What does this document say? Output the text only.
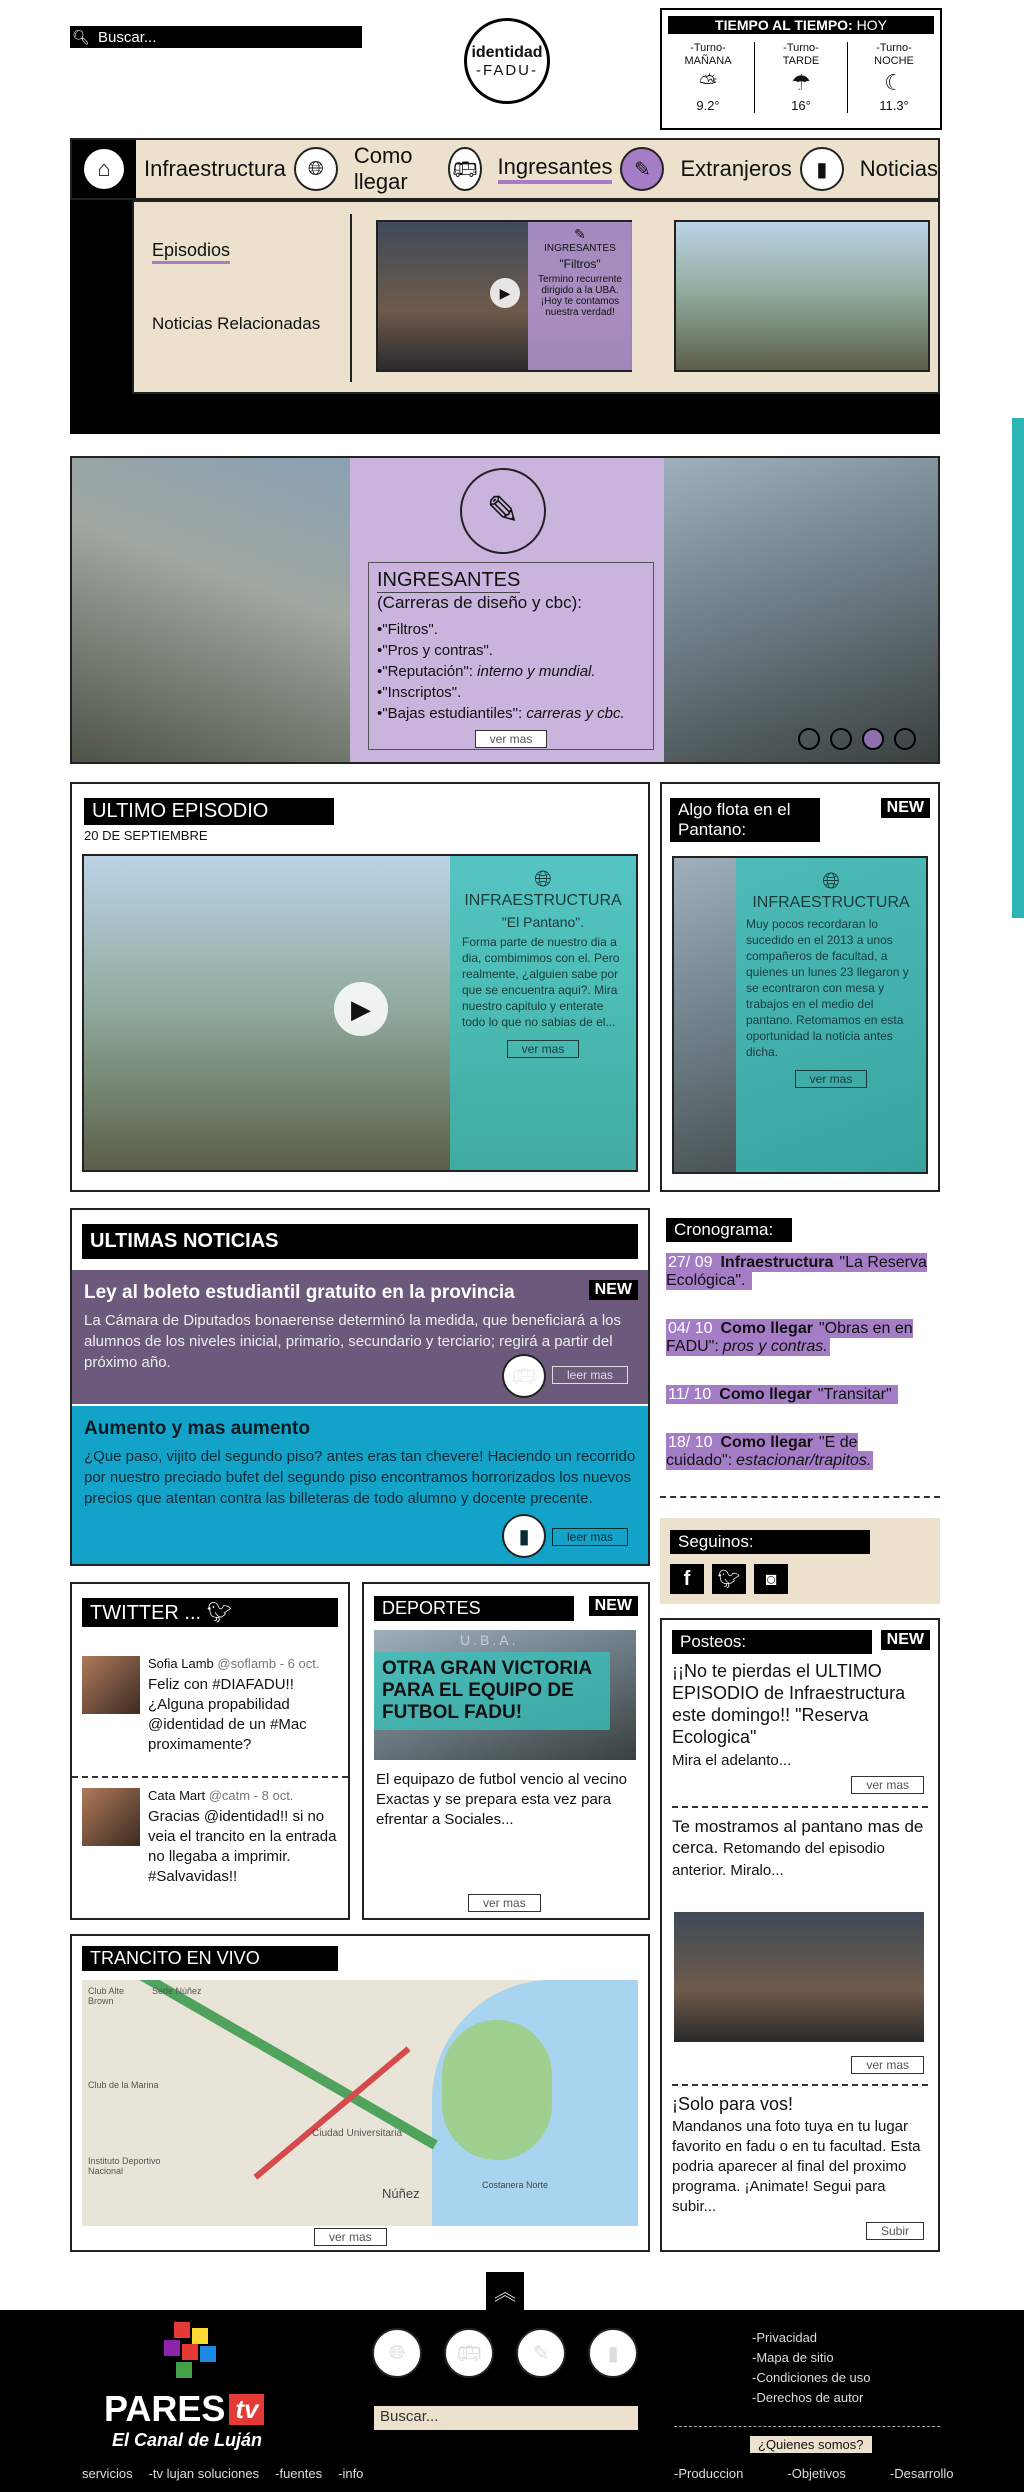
🔍︎ Buscar...
identidad
-FADU-
TIEMPO AL TIEMPO: HOY
-Turno-
MAÑANA
⛅︎
9.2°
-Turno-
TARDE
☂
16°
-Turno-
NOCHE
☾
11.3°
⌂	Infraestructura	🌐︎
Como llegar	🚌︎ Ingresantes	✎	Extranjeros	▮	Noticias
Episodios
Noticias Relacionadas
▶
✎
INGRESANTES
"Filtros"
Termino recurrente dirigido a la UBA. ¡Hoy te contamos nuestra verdad!
✎
INGRESANTES
(Carreras de diseño y cbc):
•"Filtros".
•"Pros y contras".
•"Reputación": interno y mundial.
•"Inscriptos".
•"Bajas estudiantiles": carreras y cbc.
ver mas
ULTIMO EPISODIO
20 DE SEPTIEMBRE
▶
🌐︎
INFRAESTRUCTURA
"El Pantano".
Forma parte de nuestro dia a dia, combimimos con el. Pero realmente, ¿alguien sabe por que se encuentra aqui?. Mira nuestro capitulo y enterate todo lo que no sabias de el...
ver mas
Algo flota en el Pantano:
NEW
🌐︎
INFRAESTRUCTURA
Muy pocos recordaran lo sucedido en el 2013 a unos compañeros de facultad, a quienes un lunes 23 llegaron y se econtraron con mesa y trabajos en el medio del pantano. Retomamos en esta oportunidad la noticia antes dicha.
ver mas
ULTIMAS NOTICIAS
Ley al boleto estudiantil gratuito en la provincia	NEW
La Cámara de Diputados bonaerense determinó la medida, que beneficiará a los alumnos de los niveles inicial, primario, secundario y terciario; regirá a partir del próximo año.
🚌︎	leer mas
Aumento y mas aumento
¿Que paso, vijito del segundo piso? antes eras tan chevere! Haciendo un recorrido por nuestro preciado bufet del segundo piso encontramos horrorizados los nuevos precios que atentan contra las billeteras de todo alumno y docente precente.
▮	leer mas
Cronograma:
27/ 09 Infraestructura "La Reserva Ecológica".
04/ 10 Como llegar "Obras en en FADU": pros y contras.
11/ 10 Como llegar "Transitar"
18/ 10 Como llegar "E de cuidado": estacionar/trapitos.
Seguinos:
f	🐦︎	◙
TWITTER ... 🐦︎
Sofia Lamb @soflamb - 6 oct.
Feliz con #DIAFADU!! ¿Alguna propabilidad @identidad de un #Mac proximamente?
Cata Mart @catm - 8 oct.
Gracias @identidad!! si no veia el trancito en la entrada no llegaba a imprimir. #Salvavidas!!
DEPORTES	NEW
U.B.A.
OTRA GRAN VICTORIA PARA EL EQUIPO DE FUTBOL FADU!
El equipazo de futbol vencio al vecino Exactas y se prepara esta vez para efrentar a Sociales...
ver mas
Posteos:	NEW
¡¡No te pierdas el ULTIMO EPISODIO de Infraestructura este domingo!! "Reserva Ecologica"
Mira el adelanto...
ver mas
Te mostramos al pantano mas de cerca. Retomando del episodio anterior. Miralo...
ver mas
¡Solo para vos!
Mandanos una foto tuya en tu lugar favorito en fadu o en tu facultad. Esta podria aparecer al final del proximo programa. ¡Animate! Segui para subir...
Subir
TRANCITO EN VIVO
Club de la Marina
Ciudad Universitaria
Núñez
Sede Núñez
Club Alte Brown
Instituto Deportivo Nacional
Costanera Norte
ver mas
︽
PARES tv
El Canal de Luján
servicios -tv lujan soluciones -fuentes -info
🌐︎	🚌︎	✎	▮
Buscar...
-Privacidad
-Mapa de sitio
-Condiciones de uso
-Derechos de autor
¿Quienes somos?
-Produccion	-Objetivos	-Desarrollo
